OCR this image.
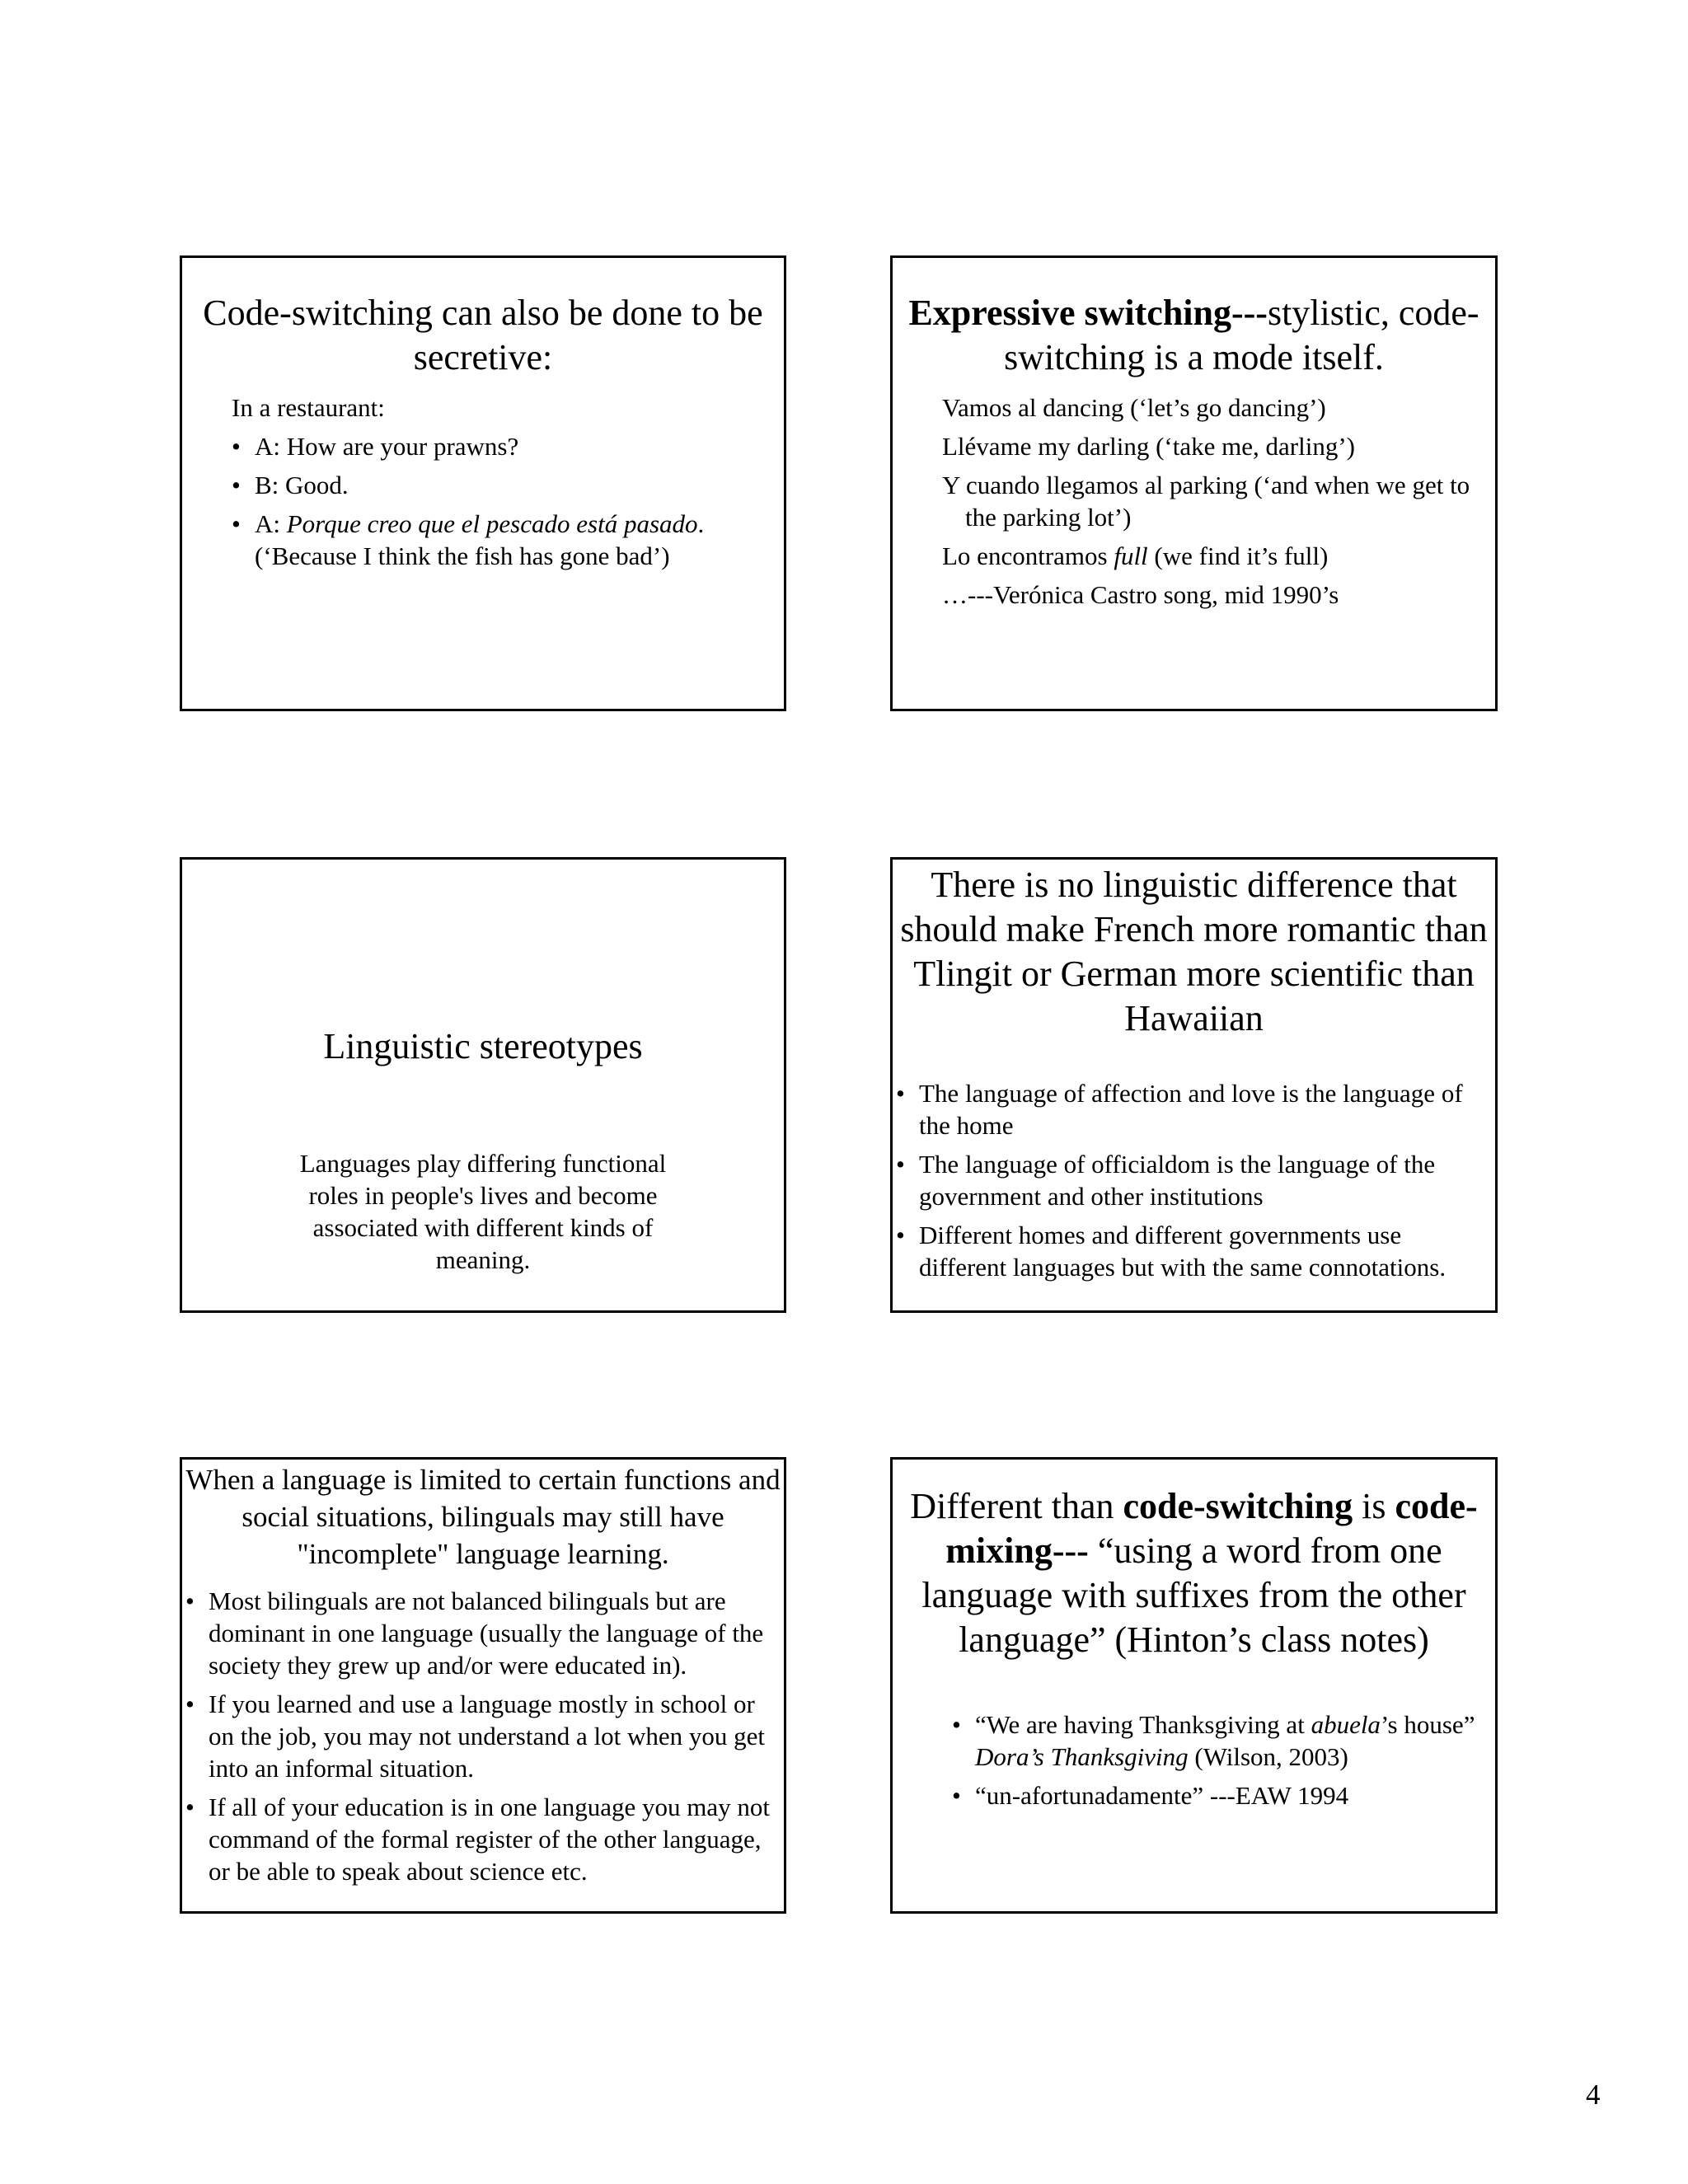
Code-switching can also be done to be secretive:

In a restaurant:

• A: How are your prawns?
• B: Good.
• A: Porque creo que el pescado está pasado. (‘Because I think the fish has gone bad’)
Expressive switching---stylistic, code-switching is a mode itself.

Vamos al dancing (‘let’s go dancing’)

Llévame my darling (‘take me, darling’)

Y cuando llegamos al parking (‘and when we get to the parking lot’)

Lo encontramos full (we find it’s full)

…---Verónica Castro song, mid 1990’s

Linguistic stereotypes

Languages play differing functional roles in people's lives and become associated with different kinds of meaning.

There is no linguistic difference that should make French more romantic than Tlingit or German more scientific than Hawaiian
• The language of affection and love is the language of the home
• The language of officialdom is the language of the government and other institutions
• Different homes and different governments use different languages but with the same connotations.
When a language is limited to certain functions and social situations, bilinguals may still have "incomplete" language learning.
• Most bilinguals are not balanced bilinguals but are dominant in one language (usually the language of the society they grew up and/or were educated in).
• If you learned and use a language mostly in school or on the job, you may not understand a lot when you get into an informal situation.
• If all of your education is in one language you may not command of the formal register of the other language, or be able to speak about science etc.
Different than code-switching is code-mixing--- “using a word from one language with suffixes from the other language” (Hinton’s class notes)
• “We are having Thanksgiving at abuela’s house” Dora’s Thanksgiving (Wilson, 2003)
• “un-afortunadamente” ---EAW 1994
4
